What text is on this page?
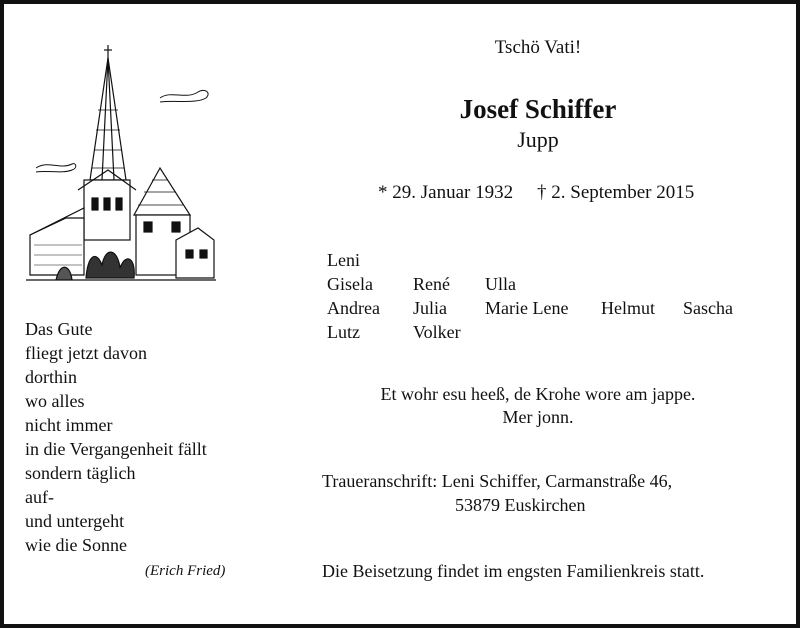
Tschö Vati!
Josef Schiffer
Jupp
* 29. Januar 1932 † 2. September 2015
Leni
Gisela René Ulla
Andrea Julia Marie Lene Helmut Sascha
Lutz	Volker
Das Gute
fliegt jetzt davon
dorthin
wo alles
nicht immer
in die Vergangenheit fällt
sondern täglich
auf-
und untergeht
wie die Sonne
(Erich Fried)
Et wohr esu heeß, de Krohe wore am jappe.
Mer jonn.
Traueranschrift: Leni Schiffer, Carmanstraße 46,
53879 Euskirchen
Die Beisetzung findet im engsten Familienkreis statt.
